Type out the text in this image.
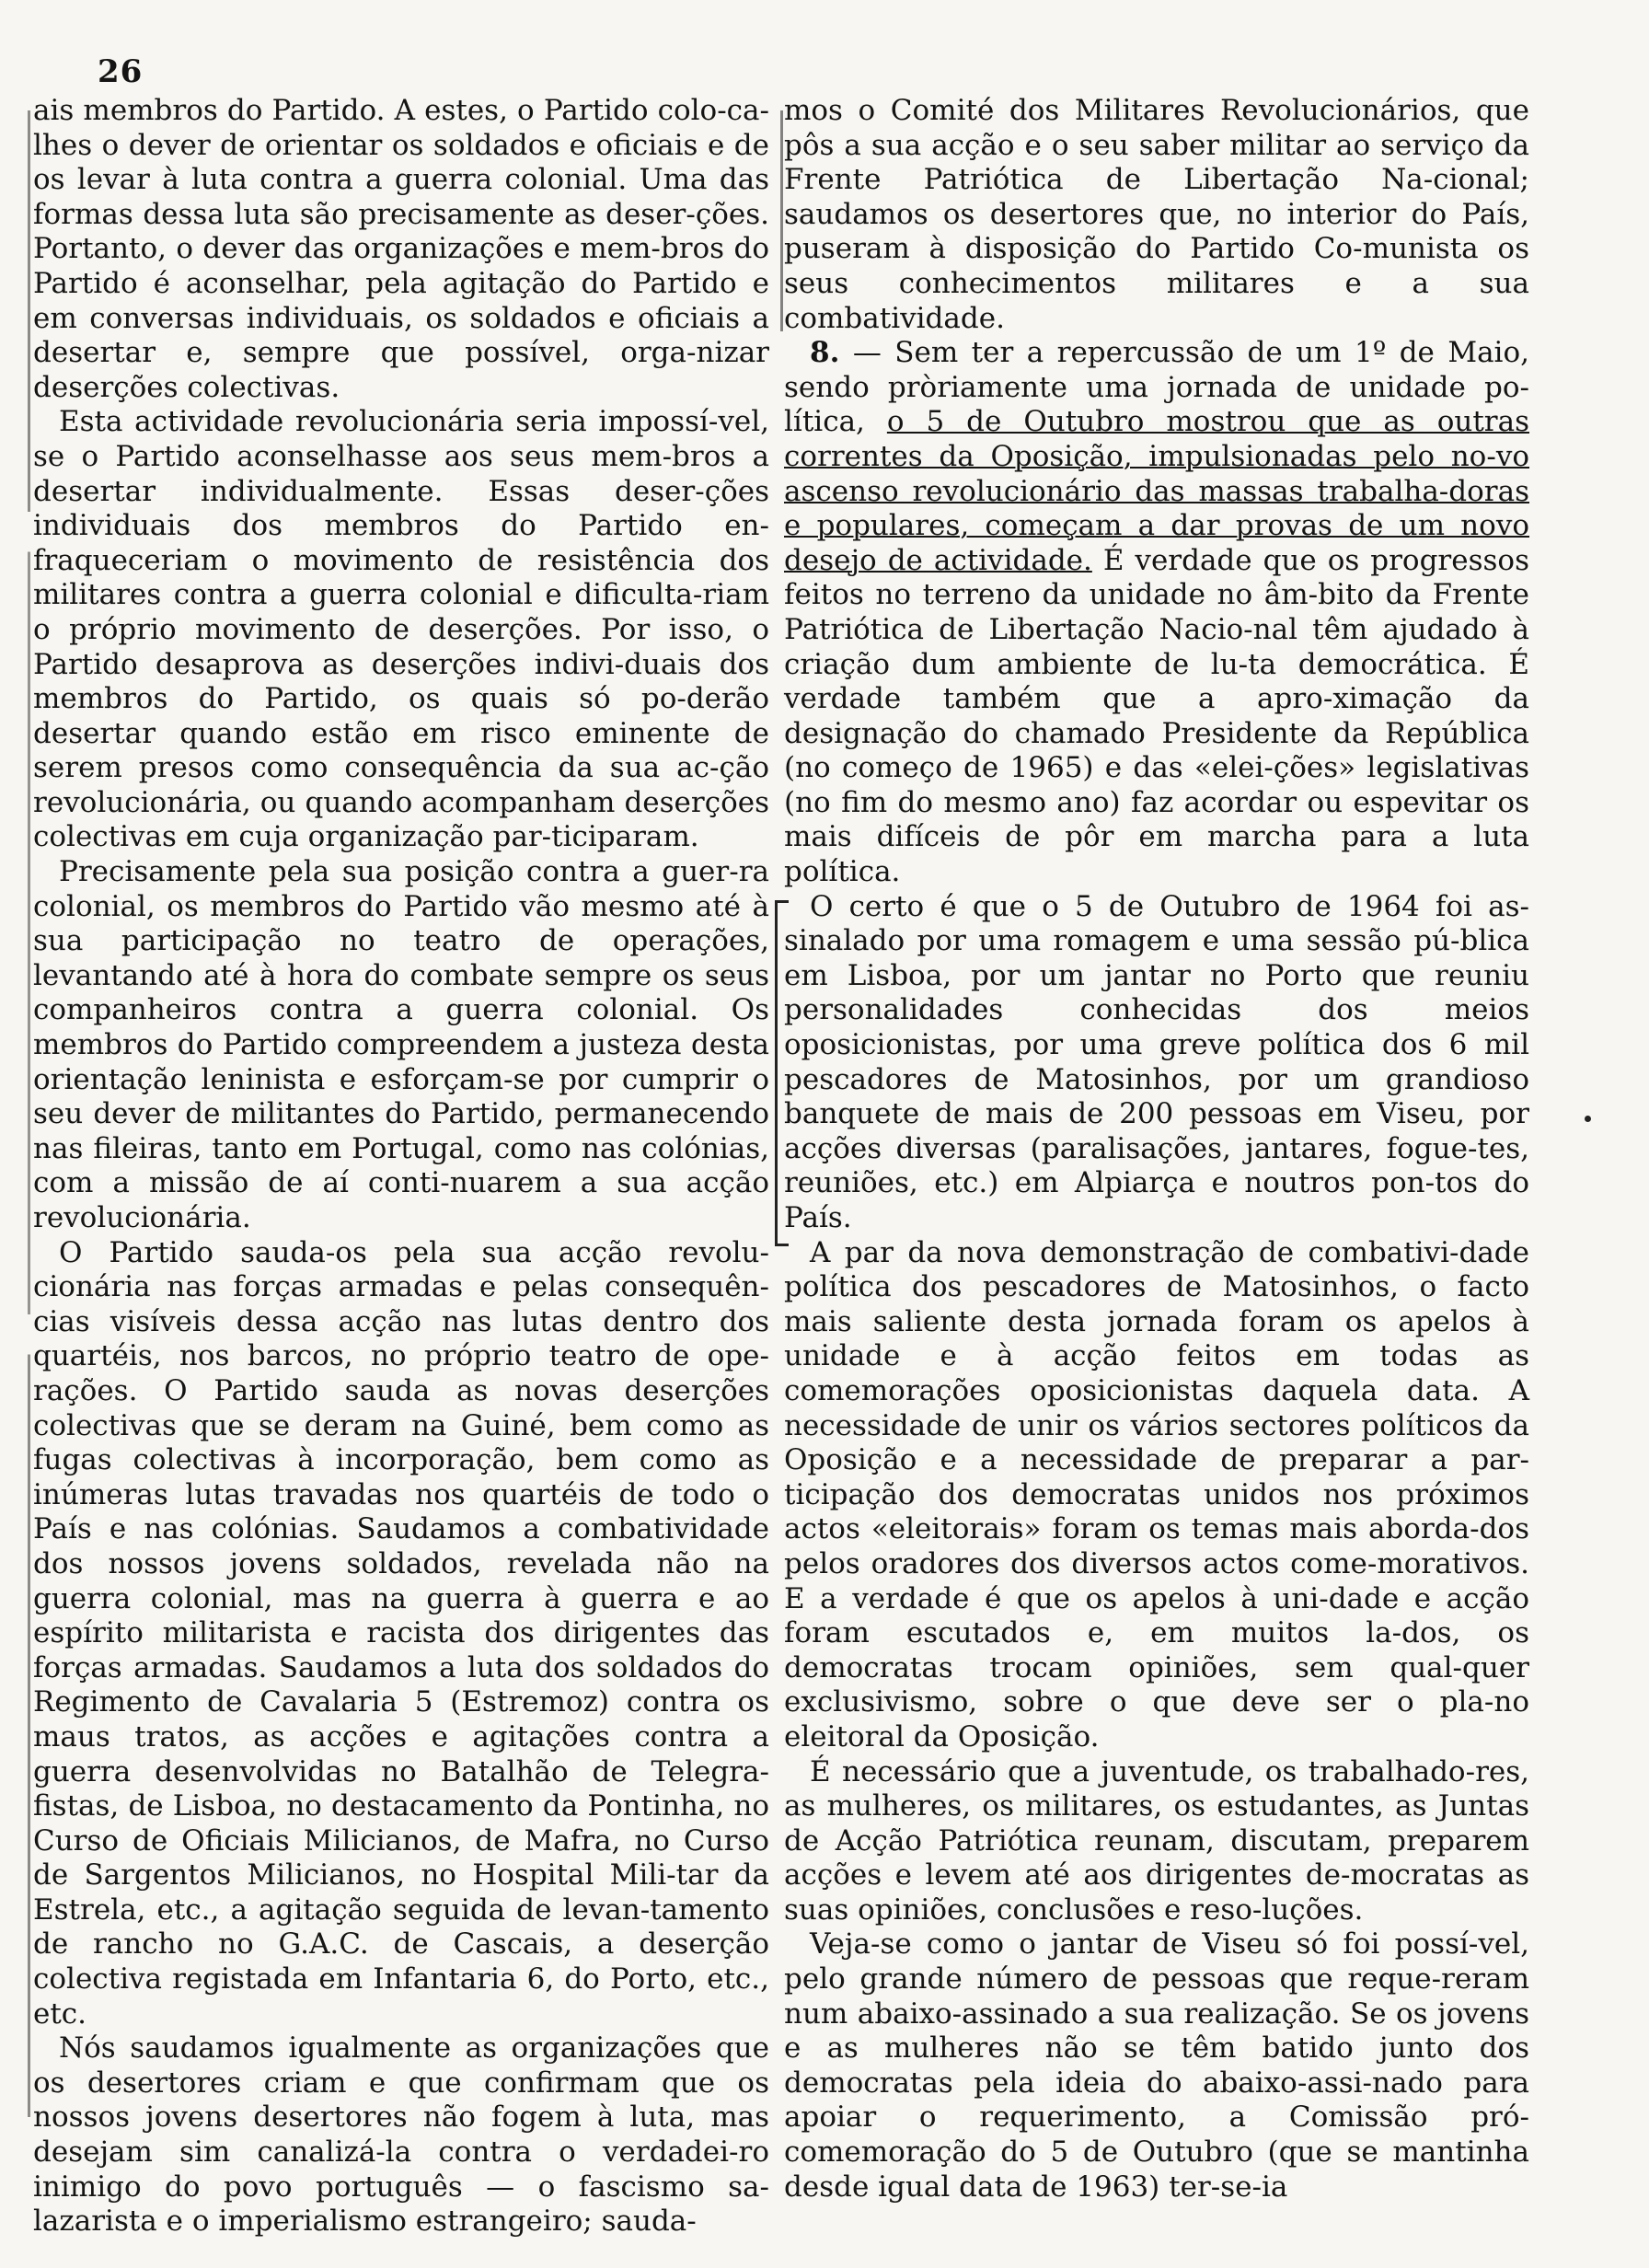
26

ais membros do Partido. A estes, o Partido colo-ca-lhes o dever de orientar os soldados e oficiais e de os levar à luta contra a guerra colonial. Uma das formas dessa luta são precisamente as deser-ções. Portanto, o dever das organizações e mem-bros do Partido é aconselhar, pela agitação do Partido e em conversas individuais, os soldados e oficiais a desertar e, sempre que possível, orga-nizar deserções colectivas.

Esta actividade revolucionária seria impossí-vel, se o Partido aconselhasse aos seus mem-bros a desertar individualmente. Essas deser-ções individuais dos membros do Partido en-fraqueceriam o movimento de resistência dos militares contra a guerra colonial e dificulta-riam o próprio movimento de deserções. Por isso, o Partido desaprova as deserções indivi-duais dos membros do Partido, os quais só po-derão desertar quando estão em risco eminente de serem presos como consequência da sua ac-ção revolucionária, ou quando acompanham deserções colectivas em cuja organização par-ticiparam.

Precisamente pela sua posição contra a guer-ra colonial, os membros do Partido vão mesmo até à sua participação no teatro de operações, levantando até à hora do combate sempre os seus companheiros contra a guerra colonial. Os membros do Partido compreendem a justeza desta orientação leninista e esforçam-se por cumprir o seu dever de militantes do Partido, permanecendo nas fileiras, tanto em Portugal, como nas colónias, com a missão de aí conti-nuarem a sua acção revolucionária.

O Partido sauda-os pela sua acção revolu-cionária nas forças armadas e pelas consequên-cias visíveis dessa acção nas lutas dentro dos quartéis, nos barcos, no próprio teatro de ope-rações. O Partido sauda as novas deserções colectivas que se deram na Guiné, bem como as fugas colectivas à incorporação, bem como as inúmeras lutas travadas nos quartéis de todo o País e nas colónias. Saudamos a combatividade dos nossos jovens soldados, revelada não na guerra colonial, mas na guerra à guerra e ao espírito militarista e racista dos dirigentes das forças armadas. Saudamos a luta dos soldados do Regimento de Cavalaria 5 (Estremoz) contra os maus tratos, as acções e agitações contra a guerra desenvolvidas no Batalhão de Telegra-fistas, de Lisboa, no destacamento da Pontinha, no Curso de Oficiais Milicianos, de Mafra, no Curso de Sargentos Milicianos, no Hospital Mili-tar da Estrela, etc., a agitação seguida de levan-tamento de rancho no G.A.C. de Cascais, a deserção colectiva registada em Infantaria 6, do Porto, etc., etc.

Nós saudamos igualmente as organizações que os desertores criam e que confirmam que os nossos jovens desertores não fogem à luta, mas desejam sim canalizá-la contra o verdadei-ro inimigo do povo português — o fascismo sa-lazarista e o imperialismo estrangeiro; sauda-

mos o Comité dos Militares Revolucionários, que pôs a sua acção e o seu saber militar ao serviço da Frente Patriótica de Libertação Na-cional; saudamos os desertores que, no interior do País, puseram à disposição do Partido Co-munista os seus conhecimentos militares e a sua combatividade.

8. — Sem ter a repercussão de um 1º de Maio, sendo pròriamente uma jornada de unidade po-lítica, o 5 de Outubro mostrou que as outras correntes da Oposição, impulsionadas pelo no-vo ascenso revolucionário das massas trabalha-doras e populares, começam a dar provas de um novo desejo de actividade. É verdade que os progressos feitos no terreno da unidade no âm-bito da Frente Patriótica de Libertação Nacio-nal têm ajudado à criação dum ambiente de lu-ta democrática. É verdade também que a apro-ximação da designação do chamado Presidente da República (no começo de 1965) e das «elei-ções» legislativas (no fim do mesmo ano) faz acordar ou espevitar os mais difíceis de pôr em marcha para a luta política.

O certo é que o 5 de Outubro de 1964 foi as-sinalado por uma romagem e uma sessão pú-blica em Lisboa, por um jantar no Porto que reuniu personalidades conhecidas dos meios oposicionistas, por uma greve política dos 6 mil pescadores de Matosinhos, por um grandioso banquete de mais de 200 pessoas em Viseu, por acções diversas (paralisações, jantares, fogue-tes, reuniões, etc.) em Alpiarça e noutros pon-tos do País.

A par da nova demonstração de combativi-dade política dos pescadores de Matosinhos, o facto mais saliente desta jornada foram os apelos à unidade e à acção feitos em todas as comemorações oposicionistas daquela data. A necessidade de unir os vários sectores políticos da Oposição e a necessidade de preparar a par-ticipação dos democratas unidos nos próximos actos «eleitorais» foram os temas mais aborda-dos pelos oradores dos diversos actos come-morativos. E a verdade é que os apelos à uni-dade e acção foram escutados e, em muitos la-dos, os democratas trocam opiniões, sem qual-quer exclusivismo, sobre o que deve ser o pla-no eleitoral da Oposição.

É necessário que a juventude, os trabalhado-res, as mulheres, os militares, os estudantes, as Juntas de Acção Patriótica reunam, discutam, preparem acções e levem até aos dirigentes de-mocratas as suas opiniões, conclusões e reso-luções.

Veja-se como o jantar de Viseu só foi possí-vel, pelo grande número de pessoas que reque-reram num abaixo-assinado a sua realização. Se os jovens e as mulheres não se têm batido junto dos democratas pela ideia do abaixo-assi-nado para apoiar o requerimento, a Comissão pró-comemoração do 5 de Outubro (que se mantinha desde igual data de 1963) ter-se-ia
